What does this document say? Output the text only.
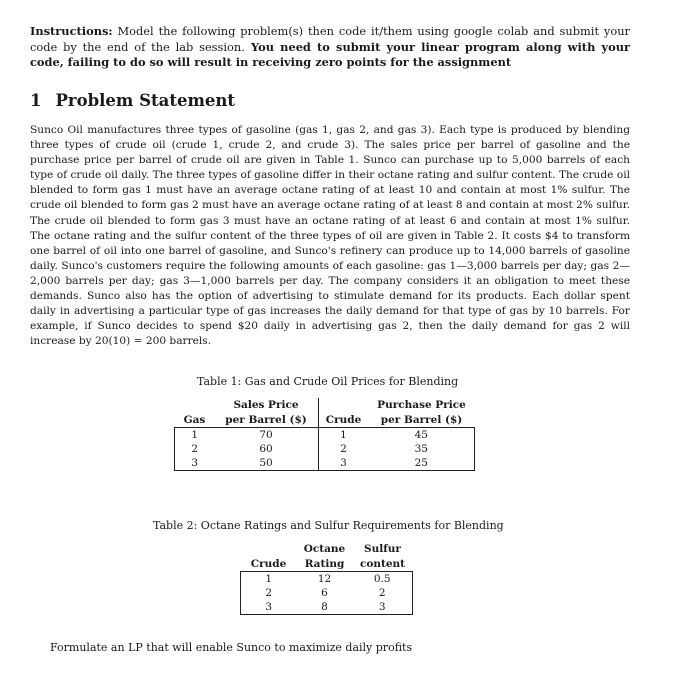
Instructions: Model the following problem(s) then code it/them using google colab and submit your code by the end of the lab session. You need to submit your linear program along with your code, failing to do so will result in receiving zero points for the assignment
1 Problem Statement
Sunco Oil manufactures three types of gasoline (gas 1, gas 2, and gas 3). Each type is produced by blending three types of crude oil (crude 1, crude 2, and crude 3). The sales price per barrel of gasoline and the purchase price per barrel of crude oil are given in Table 1. Sunco can purchase up to 5,000 barrels of each type of crude oil daily. The three types of gasoline differ in their octane rating and sulfur content. The crude oil blended to form gas 1 must have an average octane rating of at least 10 and contain at most 1% sulfur. The crude oil blended to form gas 2 must have an average octane rating of at least 8 and contain at most 2% sulfur. The crude oil blended to form gas 3 must have an octane rating of at least 6 and contain at most 1% sulfur. The octane rating and the sulfur content of the three types of oil are given in Table 2. It costs $4 to transform one barrel of oil into one barrel of gasoline, and Sunco's refinery can produce up to 14,000 barrels of gasoline daily. Sunco's customers require the following amounts of each gasoline: gas 1—3,000 barrels per day; gas 2—2,000 barrels per day; gas 3—1,000 barrels per day. The company considers it an obligation to meet these demands. Sunco also has the option of advertising to stimulate demand for its products. Each dollar spent daily in advertising a particular type of gas increases the daily demand for that type of gas by 10 barrels. For example, if Sunco decides to spend $20 daily in advertising gas 2, then the daily demand for gas 2 will increase by 20(10) = 200 barrels.
Table 1: Gas and Crude Oil Prices for Blending
	Sales Price		Purchase Price
Gas	per Barrel ($)	Crude	per Barrel ($)
1	70	1	45
2	60	2	35
3	50	3	25
Table 2: Octane Ratings and Sulfur Requirements for Blending
	Octane	Sulfur
Crude	Rating	content
1	12	0.5
2	6	2
3	8	3
Formulate an LP that will enable Sunco to maximize daily profits
